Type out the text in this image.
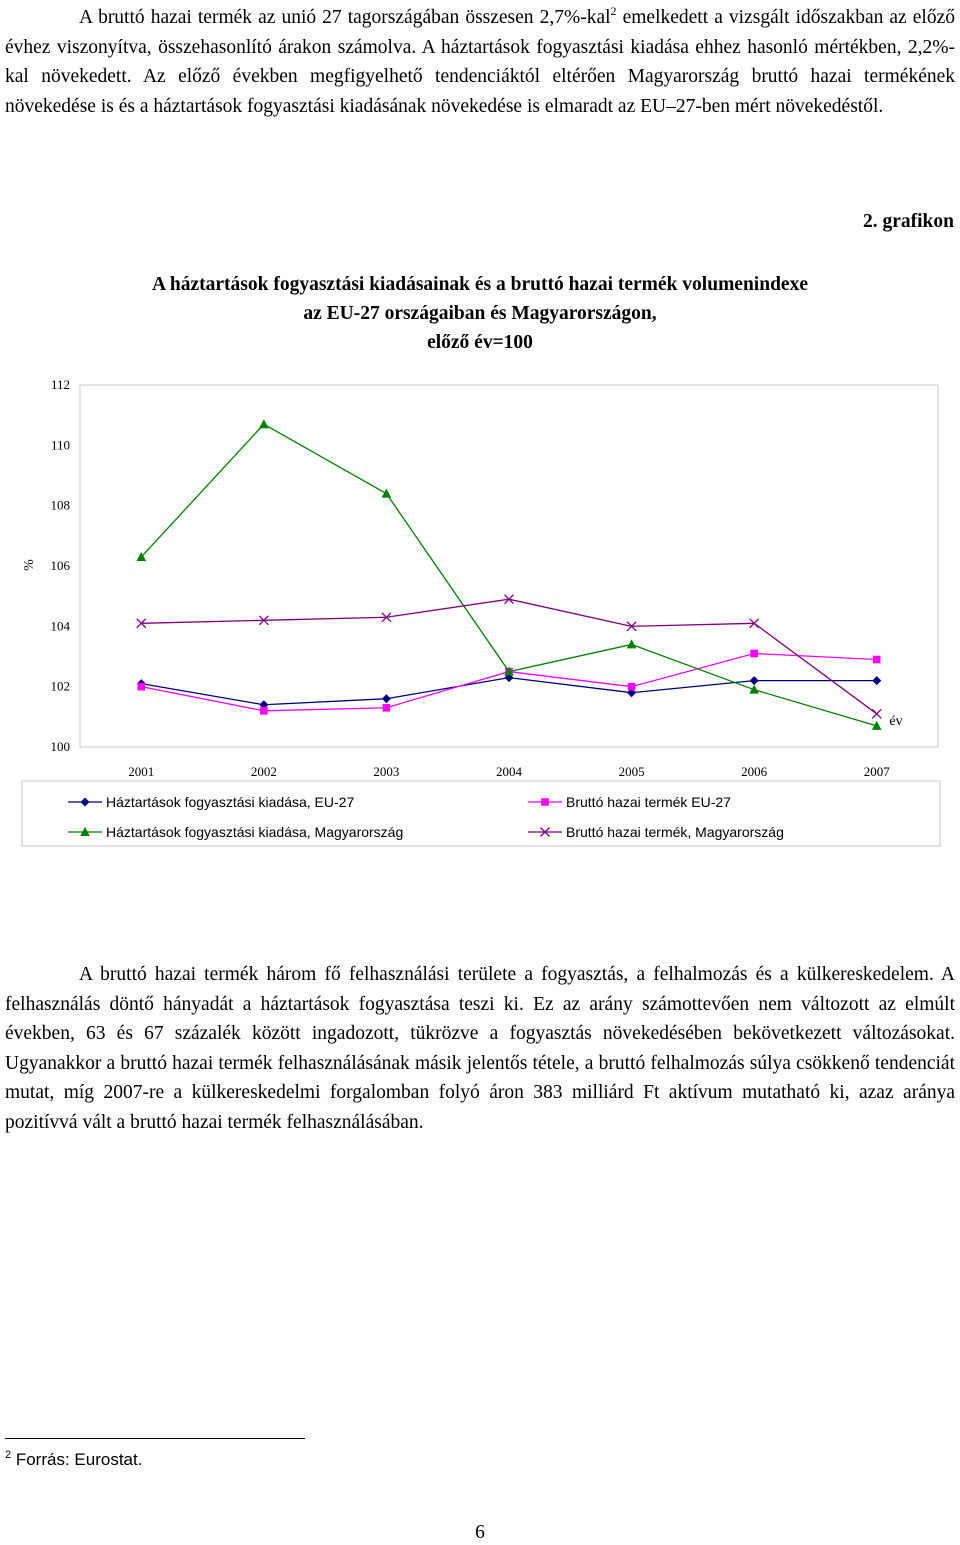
A bruttó hazai termék az unió 27 tagországában összesen 2,7%-kal$^2$ emelkedett a vizsgált időszakban az előző évhez viszonyítva, összehasonlító árakon számolva. A háztartások fogyasztási kiadása ehhez hasonló mértékben, 2,2%-kal növekedett. Az előző években megfigyelhető tendenciáktól eltérően Magyarország bruttó hazai termékének növekedése is és a háztartások fogyasztási kiadásának növekedése is elmaradt az EU–27-ben mért növekedéstől.

2. grafikon
A háztartások fogyasztási kiadásainak és a bruttó hazai termék volumenindexe
az EU-27 országaiban és Magyarországon,
előző év=100
100
102
104
106
108
110
112
%
2001	2002	2003	2004	2005	2006	2007
év
Háztartások fogyasztási kiadása, EU-27	Bruttó hazai termék EU-27
Háztartások fogyasztási kiadása, Magyarország	Bruttó hazai termék, Magyarország

A bruttó hazai termék három fő felhasználási területe a fogyasztás, a felhalmozás és a külkereskedelem. A felhasználás döntő hányadát a háztartások fogyasztása teszi ki. Ez az arány számottevően nem változott az elmúlt években, 63 és 67 százalék között ingadozott, tükrözve a fogyasztás növekedésében bekövetkezett változásokat. Ugyanakkor a bruttó hazai termék felhasználásának másik jelentős tétele, a bruttó felhalmozás súlya csökkenő tendenciát mutat, míg 2007-re a külkereskedelmi forgalomban folyó áron 383 milliárd Ft aktívum mutatható ki, azaz aránya pozitívvá vált a bruttó hazai termék felhasználásában.

$^2$ Forrás: Eurostat.
6
